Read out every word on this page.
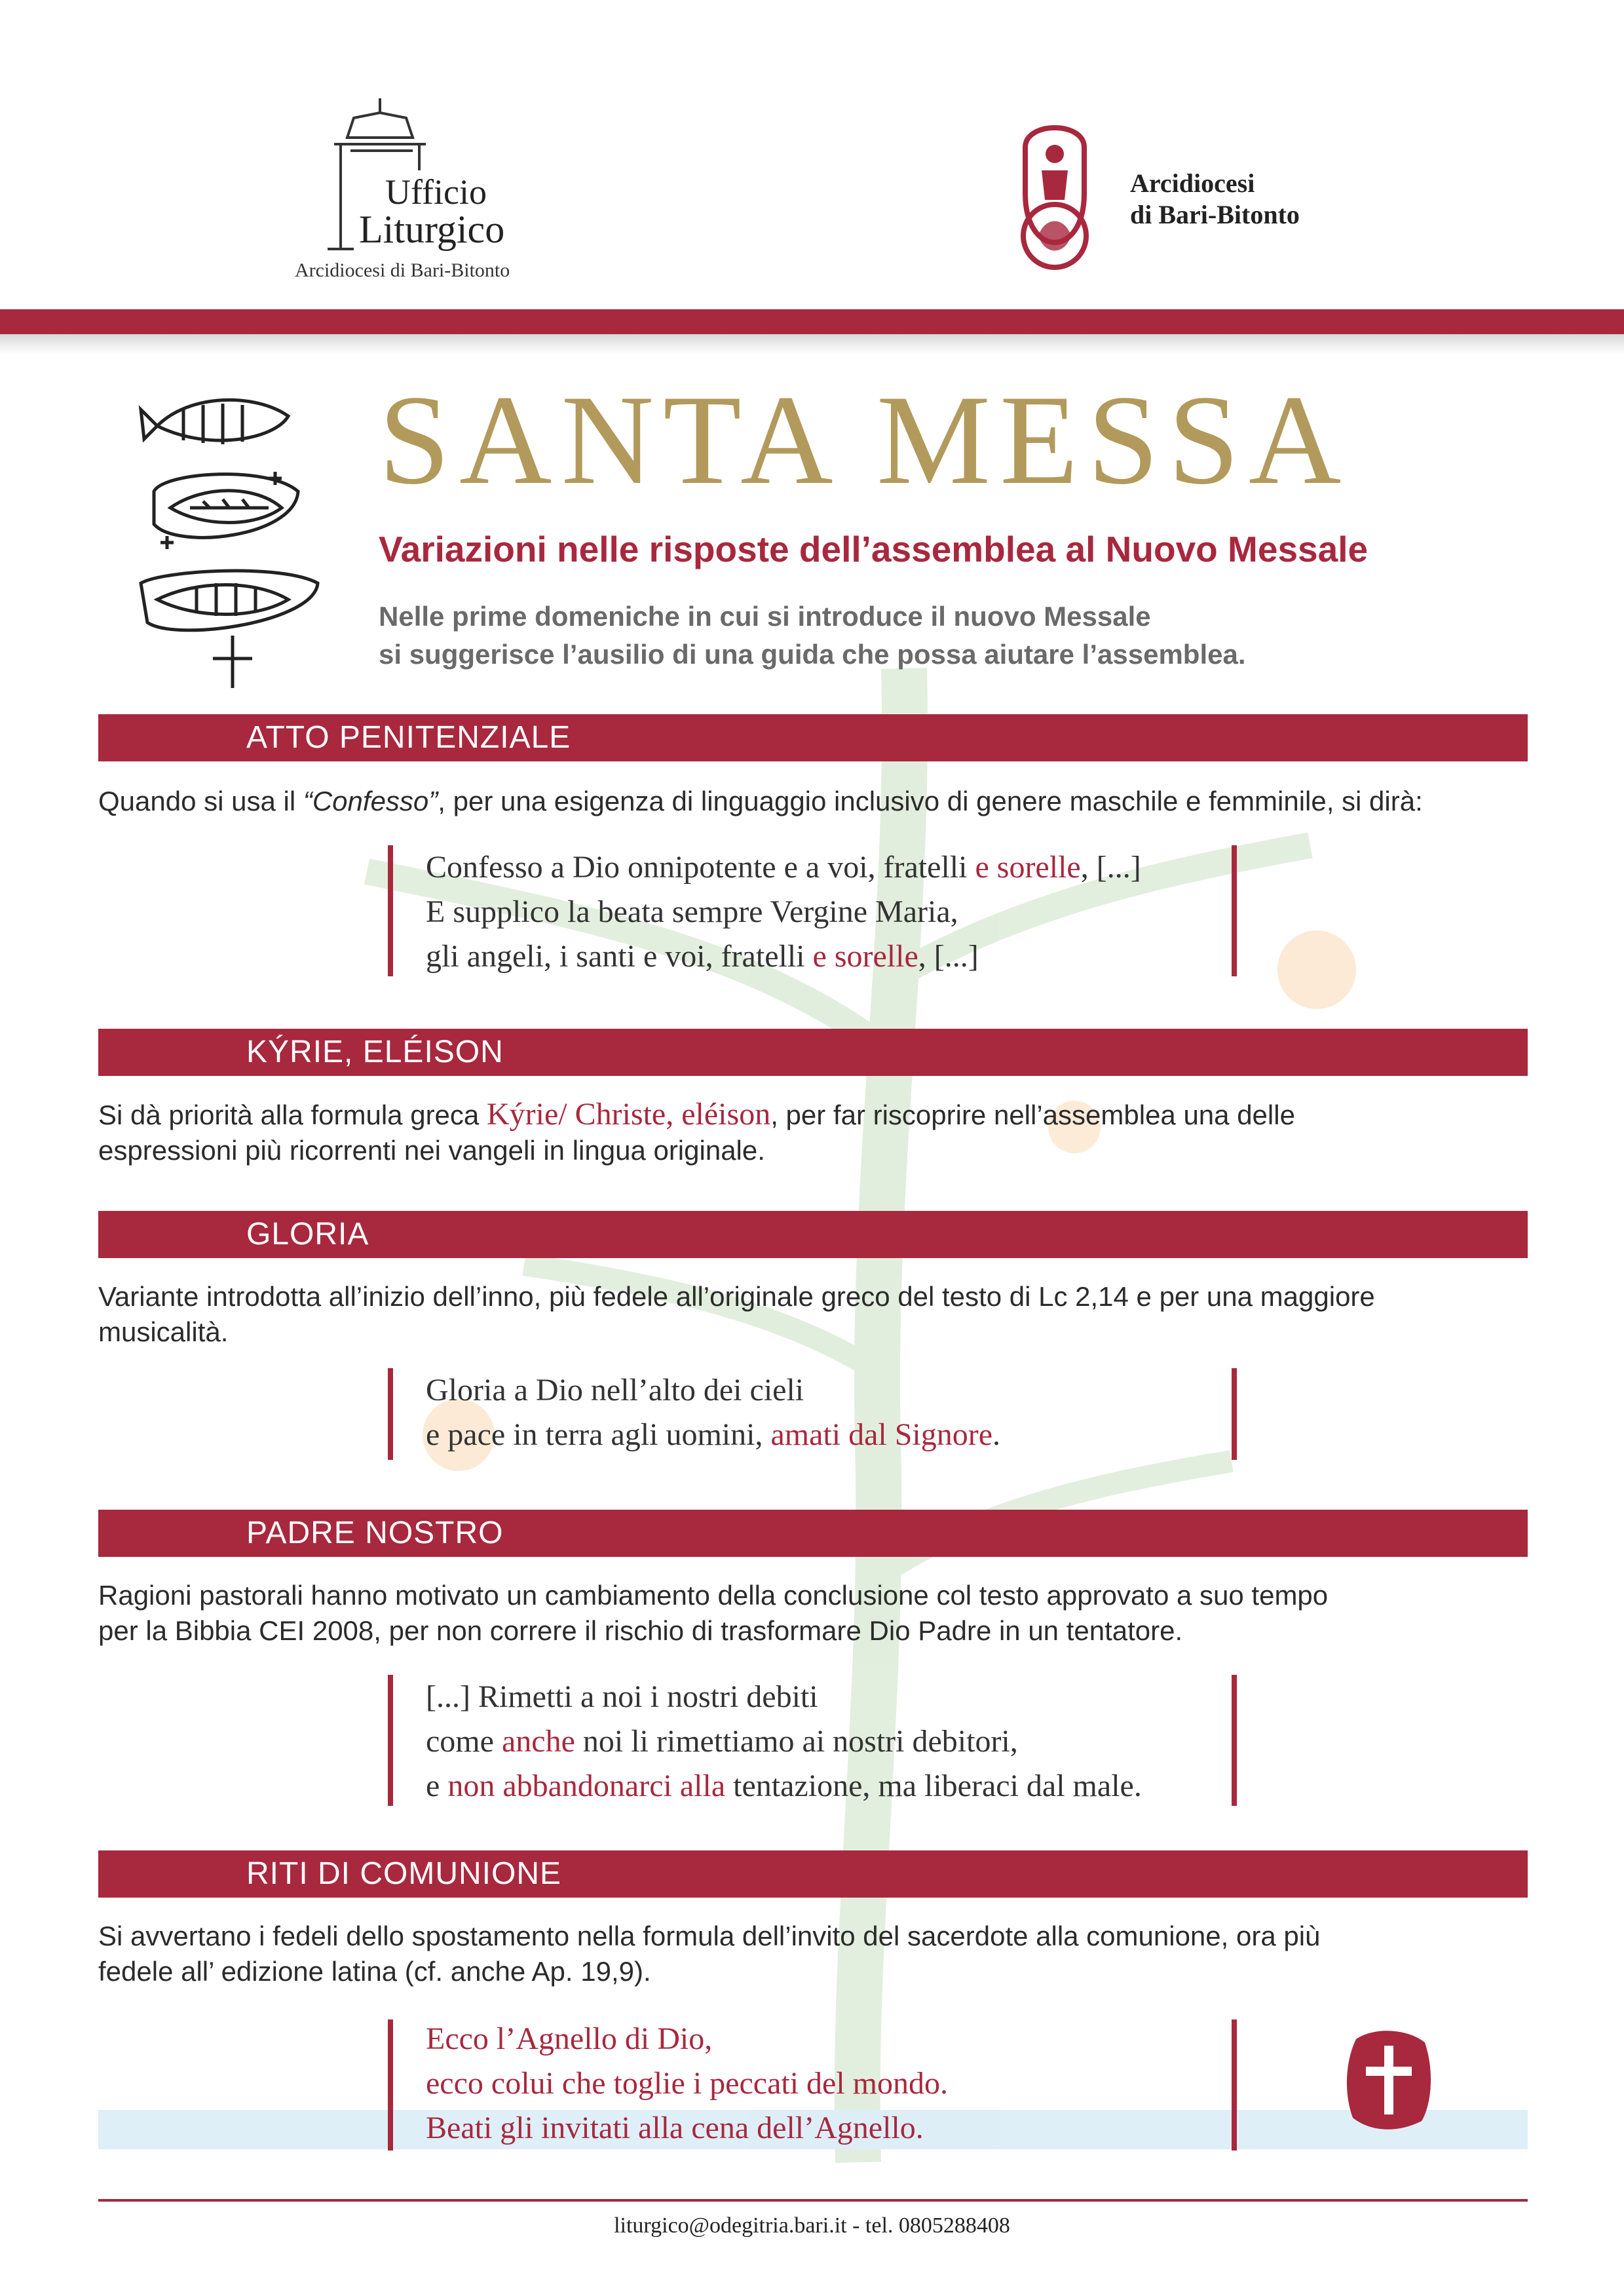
Ufficio
Liturgico
Arcidiocesi di Bari-Bitonto
Arcidiocesi
di Bari-Bitonto
SANTA MESSA
Variazioni nelle risposte dell’assemblea al Nuovo Messale
Nelle prime domeniche in cui si introduce il nuovo Messale
si suggerisce l’ausilio di una guida che possa aiutare l’assemblea.
ATTO PENITENZIALE
Quando si usa il “Confesso”, per una esigenza di linguaggio inclusivo di genere maschile e femminile, si dirà:
Confesso a Dio onnipotente e a voi, fratelli e sorelle, [...]
E supplico la beata sempre Vergine Maria,
gli angeli, i santi e voi, fratelli e sorelle, [...]
KÝRIE, ELÉISON
Si dà priorità alla formula greca Kýrie/ Christe, eléison, per far riscoprire nell’assemblea una delle
espressioni più ricorrenti nei vangeli in lingua originale.
GLORIA
Variante introdotta all’inizio dell’inno, più fedele all’originale greco del testo di Lc 2,14 e per una maggiore
musicalità.
Gloria a Dio nell’alto dei cieli
e pace in terra agli uomini, amati dal Signore.
PADRE NOSTRO
Ragioni pastorali hanno motivato un cambiamento della conclusione col testo approvato a suo tempo
per la Bibbia CEI 2008, per non correre il rischio di trasformare Dio Padre in un tentatore.
[...] Rimetti a noi i nostri debiti
come anche noi li rimettiamo ai nostri debitori,
e non abbandonarci alla tentazione, ma liberaci dal male.
RITI DI COMUNIONE
Si avvertano i fedeli dello spostamento nella formula dell’invito del sacerdote alla comunione, ora più
fedele all’ edizione latina (cf. anche Ap. 19,9).
Ecco l’Agnello di Dio,
ecco colui che toglie i peccati del mondo.
Beati gli invitati alla cena dell’Agnello.
liturgico@odegitria.bari.it - tel. 0805288408
